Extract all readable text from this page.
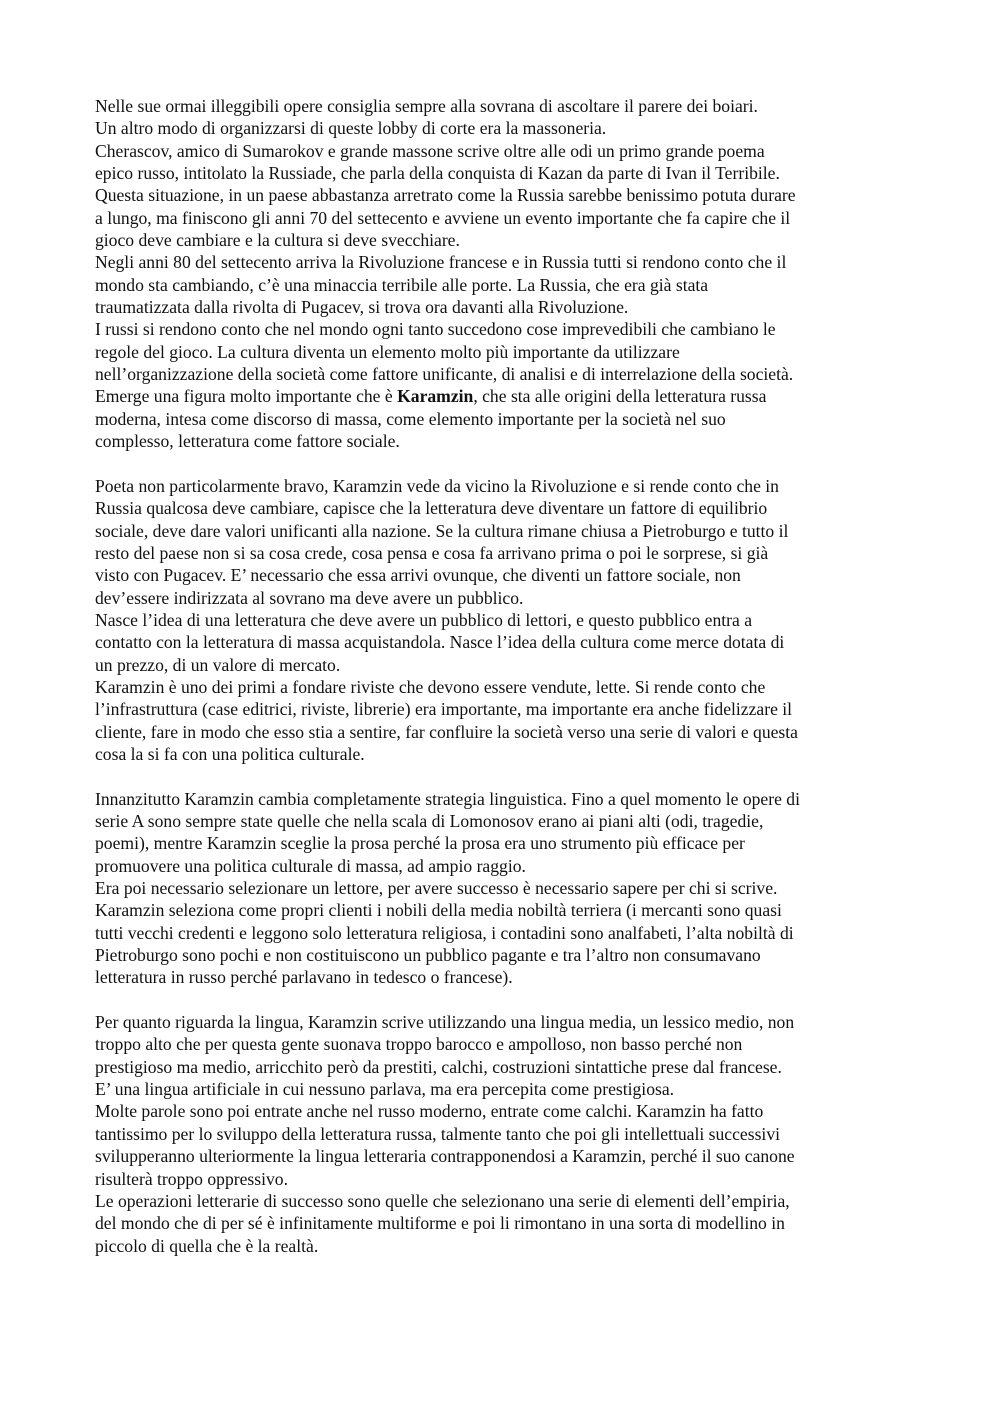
Nelle sue ormai illeggibili opere consiglia sempre alla sovrana di ascoltare il parere dei boiari.
Un altro modo di organizzarsi di queste lobby di corte era la massoneria.
Cherascov, amico di Sumarokov e grande massone scrive oltre alle odi un primo grande poema
epico russo, intitolato la Russiade, che parla della conquista di Kazan da parte di Ivan il Terribile.
Questa situazione, in un paese abbastanza arretrato come la Russia sarebbe benissimo potuta durare
a lungo, ma finiscono gli anni 70 del settecento e avviene un evento importante che fa capire che il
gioco deve cambiare e la cultura si deve svecchiare.
Negli anni 80 del settecento arriva la Rivoluzione francese e in Russia tutti si rendono conto che il
mondo sta cambiando, c’è una minaccia terribile alle porte. La Russia, che era già stata
traumatizzata dalla rivolta di Pugacev, si trova ora davanti alla Rivoluzione.
I russi si rendono conto che nel mondo ogni tanto succedono cose imprevedibili che cambiano le
regole del gioco. La cultura diventa un elemento molto più importante da utilizzare
nell’organizzazione della società come fattore unificante, di analisi e di interrelazione della società.
Emerge una figura molto importante che è Karamzin, che sta alle origini della letteratura russa
moderna, intesa come discorso di massa, come elemento importante per la società nel suo
complesso, letteratura come fattore sociale.
Poeta non particolarmente bravo, Karamzin vede da vicino la Rivoluzione e si rende conto che in
Russia qualcosa deve cambiare, capisce che la letteratura deve diventare un fattore di equilibrio
sociale, deve dare valori unificanti alla nazione. Se la cultura rimane chiusa a Pietroburgo e tutto il
resto del paese non si sa cosa crede, cosa pensa e cosa fa arrivano prima o poi le sorprese, si già
visto con Pugacev. E’ necessario che essa arrivi ovunque, che diventi un fattore sociale, non
dev’essere indirizzata al sovrano ma deve avere un pubblico.
Nasce l’idea di una letteratura che deve avere un pubblico di lettori, e questo pubblico entra a
contatto con la letteratura di massa acquistandola. Nasce l’idea della cultura come merce dotata di
un prezzo, di un valore di mercato.
Karamzin è uno dei primi a fondare riviste che devono essere vendute, lette. Si rende conto che
l’infrastruttura (case editrici, riviste, librerie) era importante, ma importante era anche fidelizzare il
cliente, fare in modo che esso stia a sentire, far confluire la società verso una serie di valori e questa
cosa la si fa con una politica culturale.
Innanzitutto Karamzin cambia completamente strategia linguistica. Fino a quel momento le opere di
serie A sono sempre state quelle che nella scala di Lomonosov erano ai piani alti (odi, tragedie,
poemi), mentre Karamzin sceglie la prosa perché la prosa era uno strumento più efficace per
promuovere una politica culturale di massa, ad ampio raggio.
Era poi necessario selezionare un lettore, per avere successo è necessario sapere per chi si scrive.
Karamzin seleziona come propri clienti i nobili della media nobiltà terriera (i mercanti sono quasi
tutti vecchi credenti e leggono solo letteratura religiosa, i contadini sono analfabeti, l’alta nobiltà di
Pietroburgo sono pochi e non costituiscono un pubblico pagante e tra l’altro non consumavano
letteratura in russo perché parlavano in tedesco o francese).
Per quanto riguarda la lingua, Karamzin scrive utilizzando una lingua media, un lessico medio, non
troppo alto che per questa gente suonava troppo barocco e ampolloso, non basso perché non
prestigioso ma medio, arricchito però da prestiti, calchi, costruzioni sintattiche prese dal francese.
E’ una lingua artificiale in cui nessuno parlava, ma era percepita come prestigiosa.
Molte parole sono poi entrate anche nel russo moderno, entrate come calchi. Karamzin ha fatto
tantissimo per lo sviluppo della letteratura russa, talmente tanto che poi gli intellettuali successivi
svilupperanno ulteriormente la lingua letteraria contrapponendosi a Karamzin, perché il suo canone
risulterà troppo oppressivo.
Le operazioni letterarie di successo sono quelle che selezionano una serie di elementi dell’empiria,
del mondo che di per sé è infinitamente multiforme e poi li rimontano in una sorta di modellino in
piccolo di quella che è la realtà.
